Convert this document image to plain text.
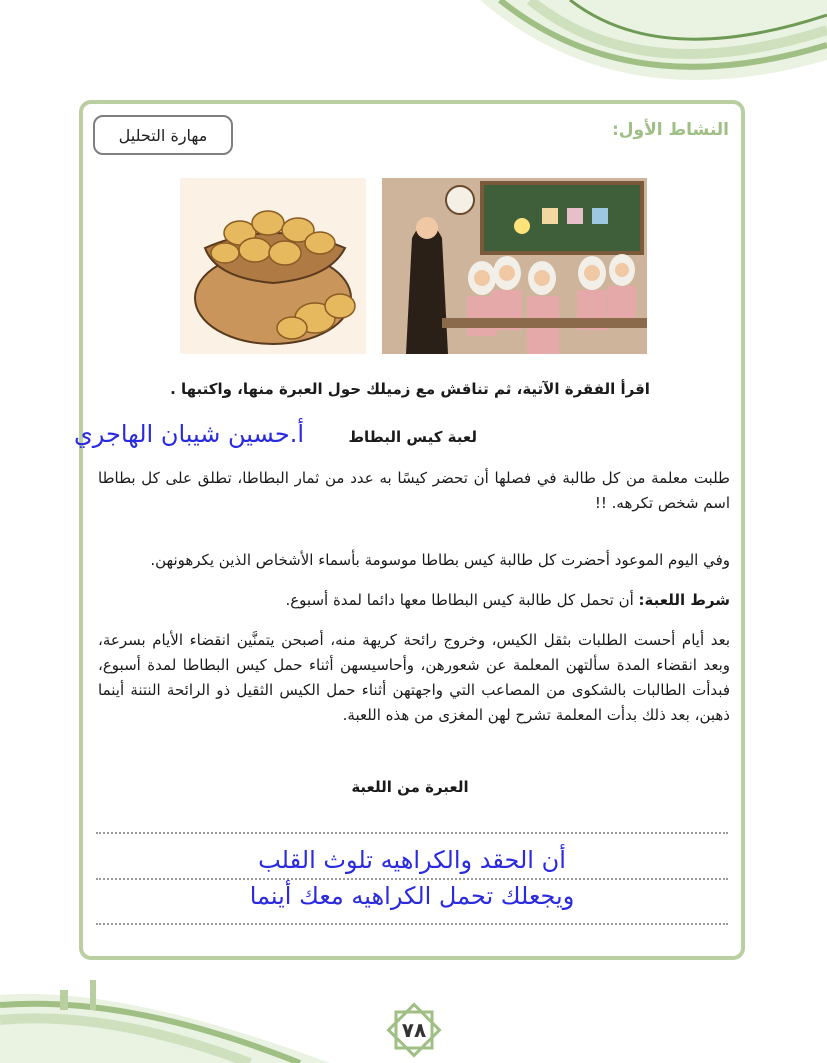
النشاط الأول:
مهارة التحليل
اقرأ الفقرة الآتية، ثم تناقش مع زميلك حول العبرة منها، واكتبها .
لعبة كيس البطاط
أ.حسين شيبان الهاجري
طلبت معلمة من كل طالبة في فصلها أن تحضر كيسًا به عدد من ثمار البطاطا، تطلق على كل بطاطا اسم شخص تكرهه. !!
وفي اليوم الموعود أحضرت كل طالبة كيس بطاطا موسومة بأسماء الأشخاص الذين يكرهونهن.
شرط اللعبة: أن تحمل كل طالبة كيس البطاطا معها دائما لمدة أسبوع.
بعد أيام أحست الطلبات بثقل الكيس، وخروج رائحة كريهة منه، أصبحن يتمنَّين انقضاء الأيام بسرعة، وبعد انقضاء المدة سألتهن المعلمة عن شعورهن، وأحاسيسهن أثناء حمل كيس البطاطا لمدة أسبوع، فبدأت الطالبات بالشكوى من المصاعب التي واجهتهن أثناء حمل الكيس الثقيل ذو الرائحة النتنة أينما ذهبن، بعد ذلك بدأت المعلمة تشرح لهن المغزى من هذه اللعبة.
العبرة من اللعبة
أن الحقد والكراهيه تلوث القلب
ويجعلك تحمل الكراهيه معك أينما
٧٨
